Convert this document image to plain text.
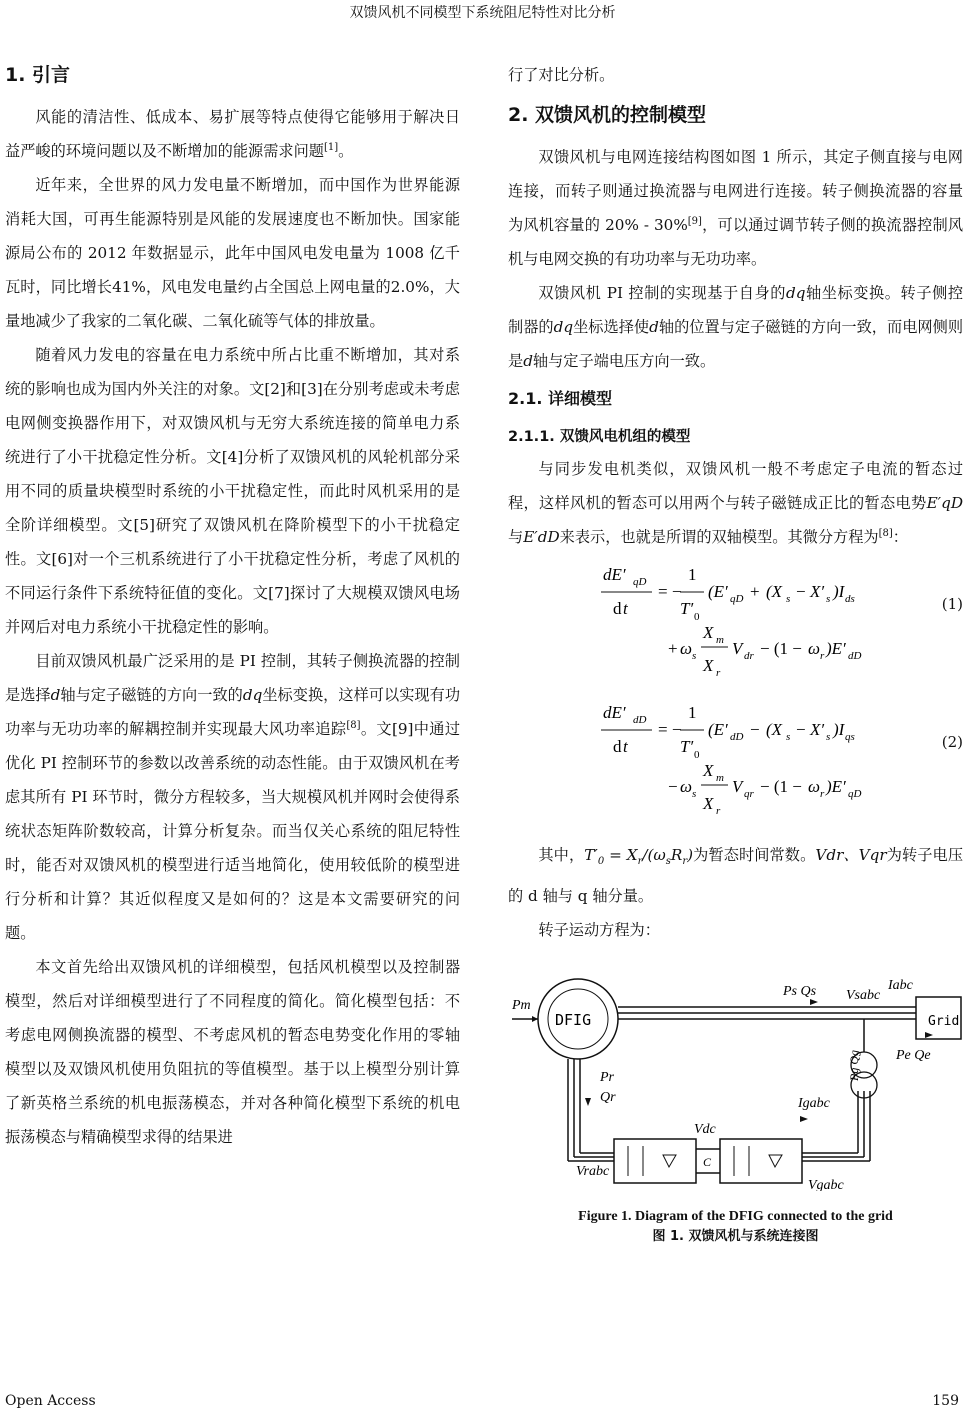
双馈风机不同模型下系统阻尼特性对比分析
1. 引言

风能的清洁性、低成本、易扩展等特点使得它能够用于解决日益严峻的环境问题以及不断增加的能源需求问题[1]。

近年来，全世界的风力发电量不断增加，而中国作为世界能源消耗大国，可再生能源特别是风能的发展速度也不断加快。国家能源局公布的 2012 年数据显示，此年中国风电发电量为 1008 亿千瓦时，同比增长41%，风电发电量约占全国总上网电量的2.0%，大量地减少了我家的二氧化碳、二氧化硫等气体的排放量。

随着风力发电的容量在电力系统中所占比重不断增加，其对系统的影响也成为国内外关注的对象。文[2]和[3]在分别考虑或未考虑电网侧变换器作用下，对双馈风机与无穷大系统连接的简单电力系统进行了小干扰稳定性分析。文[4]分析了双馈风机的风轮机部分采用不同的质量块模型时系统的小干扰稳定性，而此时风机采用的是全阶详细模型。文[5]研究了双馈风机在降阶模型下的小干扰稳定性。文[6]对一个三机系统进行了小干扰稳定性分析，考虑了风机的不同运行条件下系统特征值的变化。文[7]探讨了大规模双馈风电场并网后对电力系统小干扰稳定性的影响。

目前双馈风机最广泛采用的是 PI 控制，其转子侧换流器的控制是选择d轴与定子磁链的方向一致的dq坐标变换，这样可以实现有功功率与无功功率的解耦控制并实现最大风功率追踪[8]。文[9]中通过优化 PI 控制环节的参数以改善系统的动态性能。由于双馈风机在考虑其所有 PI 环节时，微分方程较多，当大规模风机并网时会使得系统状态矩阵阶数较高，计算分析复杂。而当仅关心系统的阻尼特性时，能否对双馈风机的模型进行适当地简化，使用较低阶的模型进行分析和计算？其近似程度又是如何的？这是本文需要研究的问题。

本文首先给出双馈风机的详细模型，包括风机模型以及控制器模型，然后对详细模型进行了不同程度的简化。简化模型包括：不考虑电网侧换流器的模型、不考虑风机的暂态电势变化作用的零轴模型以及双馈风机使用负阻抗的等值模型。基于以上模型分别计算了新英格兰系统的机电振荡模态，并对各种简化模型下系统的机电振荡模态与精确模型求得的结果进

行了对比分析。

2. 双馈风机的控制模型

双馈风机与电网连接结构图如图 1 所示，其定子侧直接与电网连接，而转子则通过换流器与电网进行连接。转子侧换流器的容量为风机容量的 20% - 30%[9]，可以通过调节转子侧的换流器控制风机与电网交换的有功功率与无功功率。

双馈风机 PI 控制的实现基于自身的dq轴坐标变换。转子侧控制器的dq坐标选择使d轴的位置与定子磁链的方向一致，而电网侧则是d轴与定子端电压方向一致。

2.1. 详细模型
2.1.1. 双馈风电机组的模型

与同步发电机类似，双馈风机一般不考虑定子电流的暂态过程，这样风机的暂态可以用两个与转子磁链成正比的暂态电势E′qD与E′dD来表示，也就是所谓的双轴模型。其微分方程为[8]：

dE′ qD
d t
= −
1
T′ 0
(E′ qD + (X s − X′ s )I ds
+ ω s
X m
X r
V dr − (1 − ω r )E′ dD
(1)
dE′ dD
d t
= −
1
T′ 0
(E′ dD − (X s − X′ s )I qs
− ω s
X m
X r
V qr − (1 − ω r )E′ qD
(2)

其中，$T'_0 = X_r/(\omega_sR_r)$为暂态时间常数。Vdr、Vqr为转子电压的 d 轴与 q 轴分量。

转子运动方程为：

DFIG
Pm
Ps Qs Vsabc
Iabc
Grid
Pe Qe
Pr
Qr
C
Vdc
Vrabc
Igabc
Vgabc
Pg Qg
Figure 1. Diagram of the DFIG connected to the grid
图 1. 双馈风机与系统连接图
Open Access	159
